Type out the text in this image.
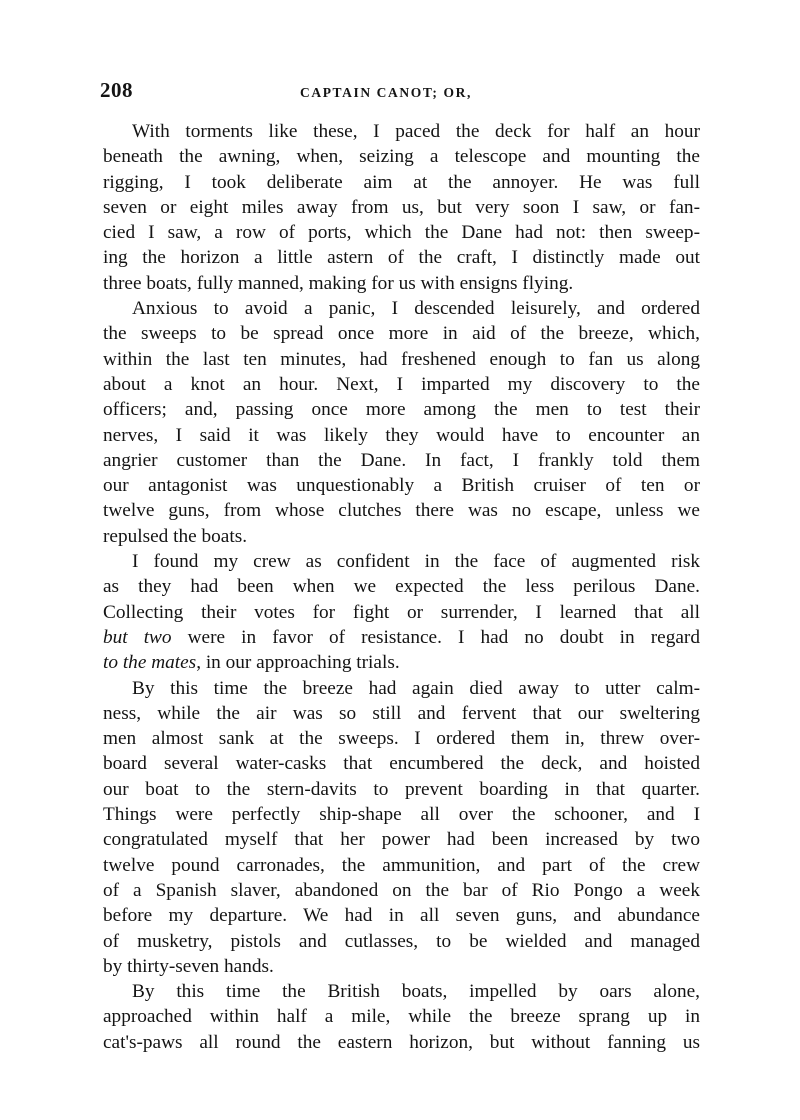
208	CAPTAIN CANOT; OR,
With torments like these, I paced the deck for half an hour
beneath the awning, when, seizing a telescope and mounting the
rigging, I took deliberate aim at the annoyer. He was full
seven or eight miles away from us, but very soon I saw, or fan-
cied I saw, a row of ports, which the Dane had not: then sweep-
ing the horizon a little astern of the craft, I distinctly made out
three boats, fully manned, making for us with ensigns flying.
Anxious to avoid a panic, I descended leisurely, and ordered
the sweeps to be spread once more in aid of the breeze, which,
within the last ten minutes, had freshened enough to fan us along
about a knot an hour. Next, I imparted my discovery to the
officers; and, passing once more among the men to test their
nerves, I said it was likely they would have to encounter an
angrier customer than the Dane. In fact, I frankly told them
our antagonist was unquestionably a British cruiser of ten or
twelve guns, from whose clutches there was no escape, unless we
repulsed the boats.
I found my crew as confident in the face of augmented risk
as they had been when we expected the less perilous Dane.
Collecting their votes for fight or surrender, I learned that all
but two were in favor of resistance. I had no doubt in regard
to the mates, in our approaching trials.
By this time the breeze had again died away to utter calm-
ness, while the air was so still and fervent that our sweltering
men almost sank at the sweeps. I ordered them in, threw over-
board several water-casks that encumbered the deck, and hoisted
our boat to the stern-davits to prevent boarding in that quarter.
Things were perfectly ship-shape all over the schooner, and I
congratulated myself that her power had been increased by two
twelve pound carronades, the ammunition, and part of the crew
of a Spanish slaver, abandoned on the bar of Rio Pongo a week
before my departure. We had in all seven guns, and abundance
of musketry, pistols and cutlasses, to be wielded and managed
by thirty-seven hands.
By this time the British boats, impelled by oars alone,
approached within half a mile, while the breeze sprang up in
cat's-paws all round the eastern horizon, but without fanning us
